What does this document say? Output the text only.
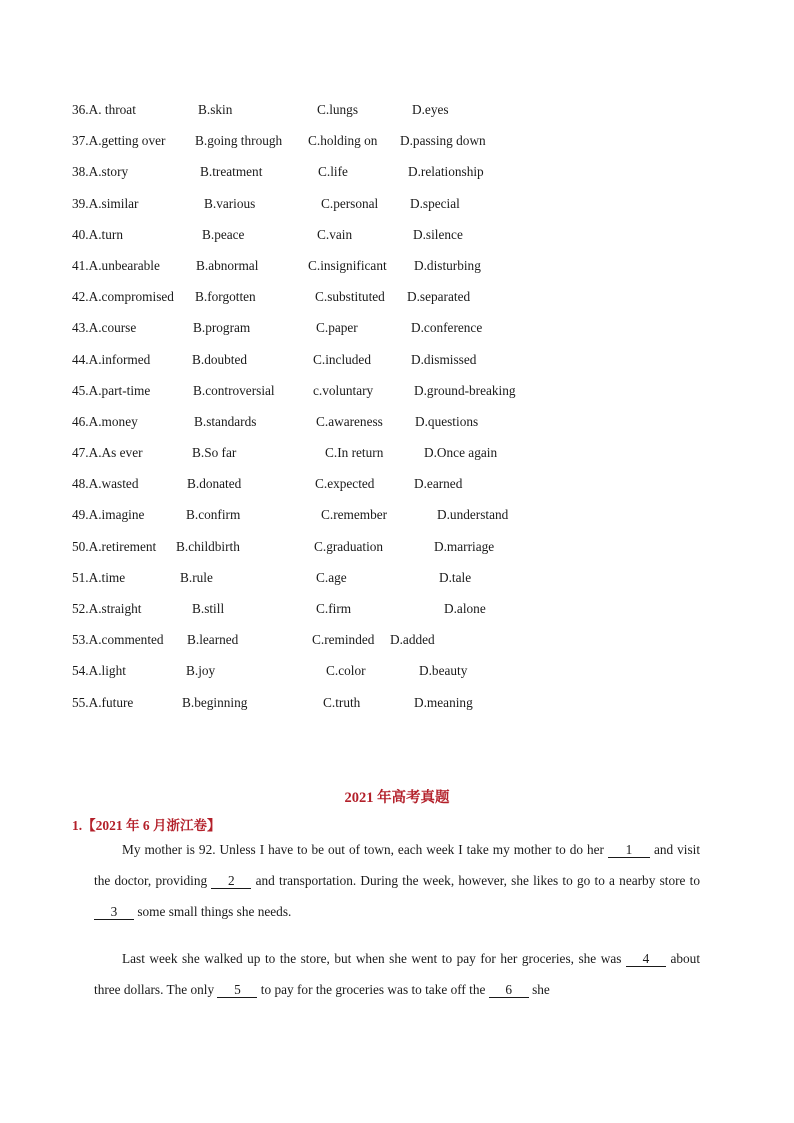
36.A. throat	B.skin	C.lungs	D.eyes
37.A.getting over B.going through C.holding on D.passing down
38.A.story	B.treatment	C.life	D.relationship
39.A.similar	B.various	C.personal D.special
40.A.turn	B.peace	C.vain	D.silence
41.A.unbearable	B.abnormal	C.insignificant D.disturbing
42.A.compromised B.forgotten	C.substituted D.separated
43.A.course	B.program	C.paper	D.conference
44.A.informed	B.doubted	C.included	D.dismissed
45.A.part-time	B.controversial	c.voluntary	D.ground-breaking
46.A.money	B.standards	C.awareness D.questions
47.A.As ever	B.So far	C.In return	D.Once again
48.A.wasted	B.donated	C.expected	D.earned
49.A.imagine	B.confirm	C.remember	D.understand
50.A.retirement B.childbirth	C.graduation	D.marriage
51.A.time	B.rule	C.age	D.tale
52.A.straight	B.still	C.firm	D.alone
53.A.commented B.learned	C.reminded D.added
54.A.light	B.joy	C.color	D.beauty
55.A.future	B.beginning	C.truth	D.meaning
2021 年高考真题
1.【2021 年 6 月浙江卷】

My mother is 92. Unless I have to be out of town, each week I take my mother to do her 1 and visit the doctor, providing 2 and transportation. During the week, however, she likes to go to a nearby store to 3 some small things she needs.

Last week she walked up to the store, but when she went to pay for her groceries, she was 4 about three dollars. The only 5 to pay for the groceries was to take off the 6 she
